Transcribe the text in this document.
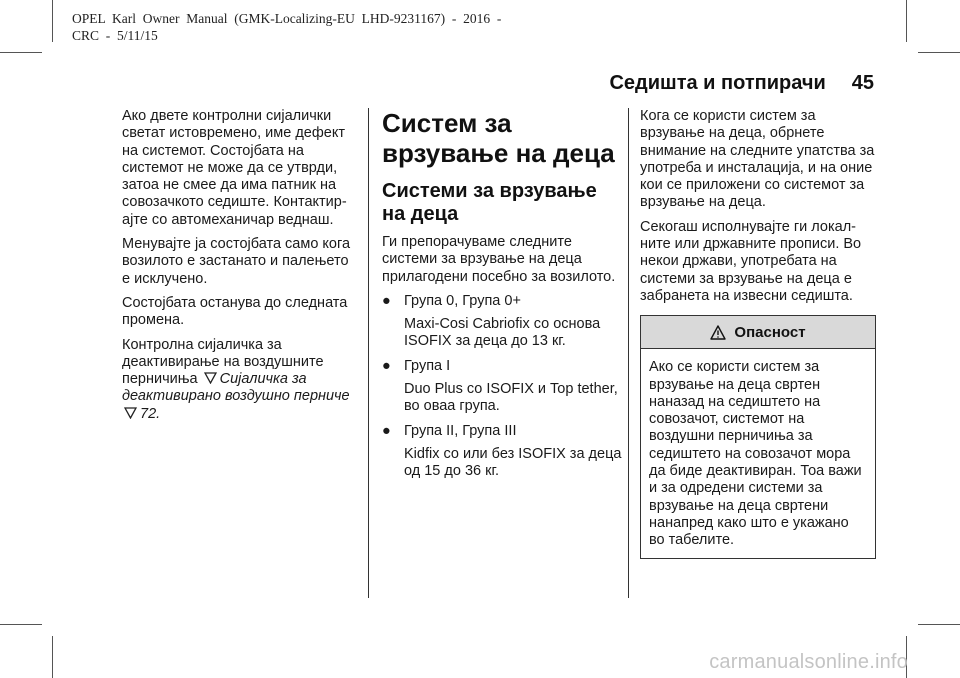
OPEL  Karl  Owner  Manual  (GMK-Localizing-EU  LHD-9231167)  -  2016  -
CRC  -  5/11/15
Седишта и потпирачи 45

Ако двете контролни сијалички светат истовремено, име дефект на системот. Состојбата на системот не може да се утврди, затоа не смее да има патник на совозачкото седиште. Контактир-ајте со автомеханичар веднаш.

Менувајте ја состојбата само кога возилото е застанато и палењето е исклучено.

Состојбата останува до следната промена.

Контролна сијаличка за деактивирање на воздушните перничиња Сијаличка за деактивирано воздушно перниче
72.

Систем за врзување на деца
Системи за врзување на деца

Ги препорачуваме следните системи за врзување на деца прилагодени посебно за возилото.

● Група 0, Група 0+
Maxi-Cosi Cabriofix со основа ISOFIX за деца до 13 кг.
● Група I
Duo Plus со ISOFIX и Top tether, во оваа група.
● Група II, Група III
Kidfix со или без ISOFIX за деца од 15 до 36 кг.

Кога се користи систем за врзување на деца, обрнете внимание на следните упатства за употреба и инсталација, и на оние кои се приложени со системот за врзување на деца.

Секогаш исполнувајте ги локал-ните или државните прописи. Во некои држави, употребата на системи за врзување на деца е забранета на извесни седишта.

Опасност
Ако се користи систем за врзување на деца свртен наназад на седиштето на совозачот, системот на воздушни перничиња за седиштето на совозачот мора да биде деактивиран. Тоа важи и за одредени системи за врзување на деца свртени нанапред како што е укажано во табелите.
carmanualsonline.info
